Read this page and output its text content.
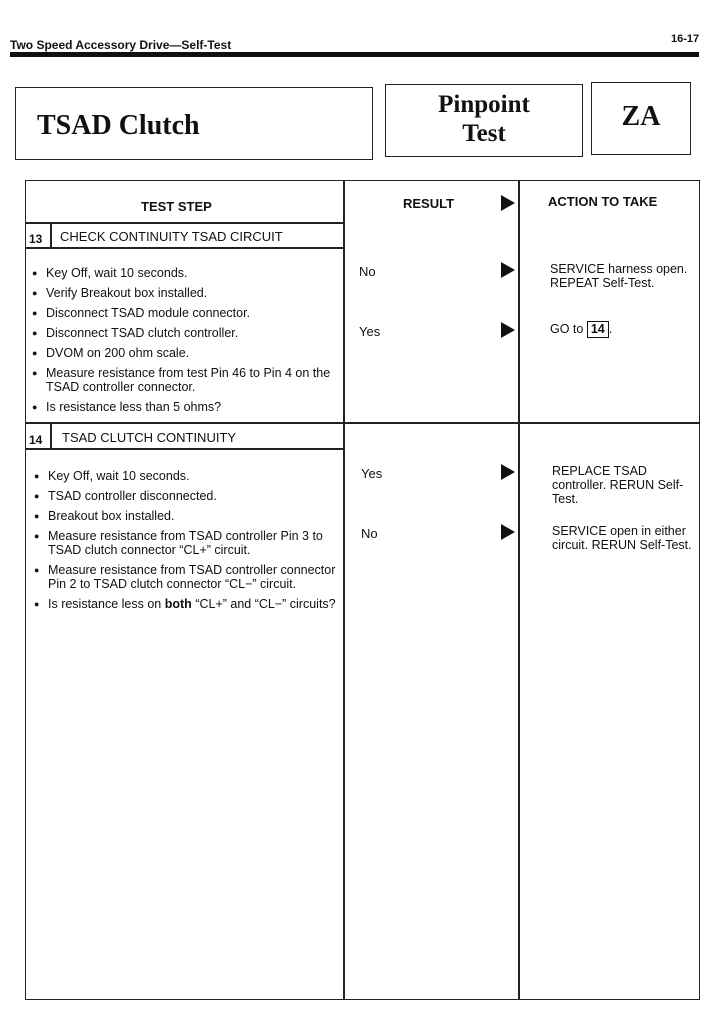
Two Speed Accessory Drive—Self-Test	16-17
TSAD Clutch
Pinpoint
Test
ZA
TEST STEP	RESULT	ACTION TO TAKE
13 CHECK CONTINUITY TSAD CIRCUIT
● Key Off, wait 10 seconds.
● Verify Breakout box installed.
● Disconnect TSAD module connector.
● Disconnect TSAD clutch controller.
● DVOM on 200 ohm scale.
● Measure resistance from test Pin 46 to Pin 4 on the TSAD controller connector.
● Is resistance less than 5 ohms?
No	SERVICE harness open. REPEAT Self-Test.
Yes	GO to 14 .
14 TSAD CLUTCH CONTINUITY
● Key Off, wait 10 seconds.
● TSAD controller disconnected.
● Breakout box installed.
● Measure resistance from TSAD controller Pin 3 to TSAD clutch connector “CL+” circuit.
● Measure resistance from TSAD controller connector Pin 2 to TSAD clutch connector “CL−” circuit.
● Is resistance less on both “CL+” and “CL−” circuits?
Yes	REPLACE TSAD controller. RERUN Self-Test.
No	SERVICE open in either circuit. RERUN Self-Test.
